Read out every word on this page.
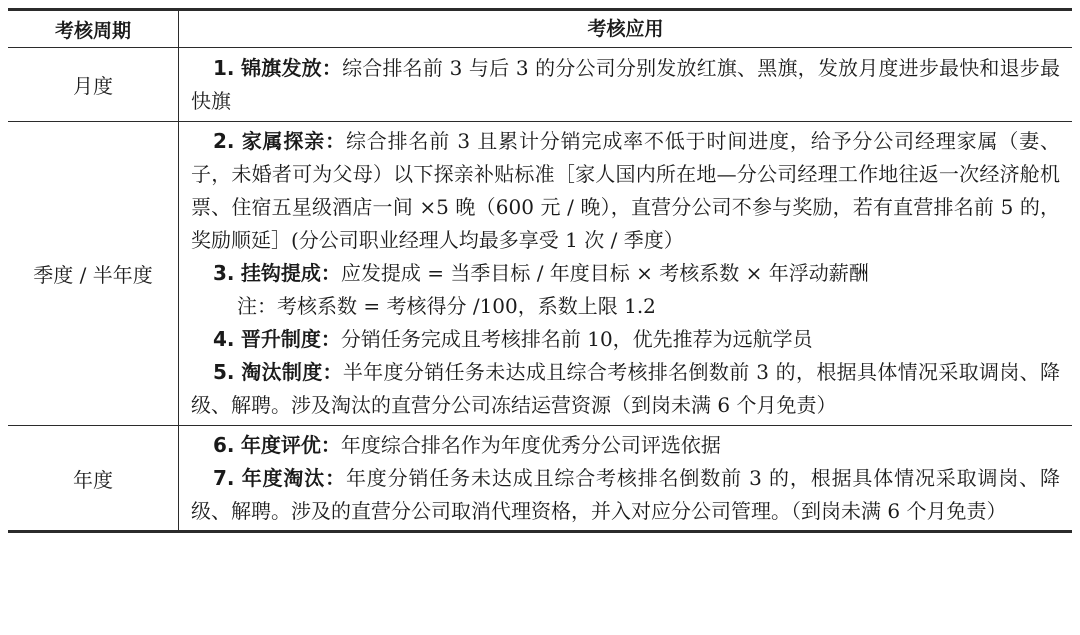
考核周期	考核应用
月度
1. 锦旗发放：综合排名前 3 与后 3 的分公司分别发放红旗、黑旗，发放月度进步最快和退步最快旗
季度 / 半年度
2. 家属探亲：综合排名前 3 且累计分销完成率不低于时间进度，给予分公司经理家属（妻、子，未婚者可为父母）以下探亲补贴标准［家人国内所在地—分公司经理工作地往返一次经济舱机票、住宿五星级酒店一间 ×5 晚（600 元 / 晚），直营分公司不参与奖励，若有直营排名前 5 的，奖励顺延］(分公司职业经理人均最多享受 1 次 / 季度）
3. 挂钩提成：应发提成 = 当季目标 / 年度目标 × 考核系数 × 年浮动薪酬
注：考核系数 = 考核得分 /100，系数上限 1.2
4. 晋升制度：分销任务完成且考核排名前 10，优先推荐为远航学员
5. 淘汰制度：半年度分销任务未达成且综合考核排名倒数前 3 的，根据具体情况采取调岗、降级、解聘。涉及淘汰的直营分公司冻结运营资源（到岗未满 6 个月免责）
年度
6. 年度评优：年度综合排名作为年度优秀分公司评选依据
7. 年度淘汰：年度分销任务未达成且综合考核排名倒数前 3 的，根据具体情况采取调岗、降级、解聘。涉及的直营分公司取消代理资格，并入对应分公司管理。（到岗未满 6 个月免责）
